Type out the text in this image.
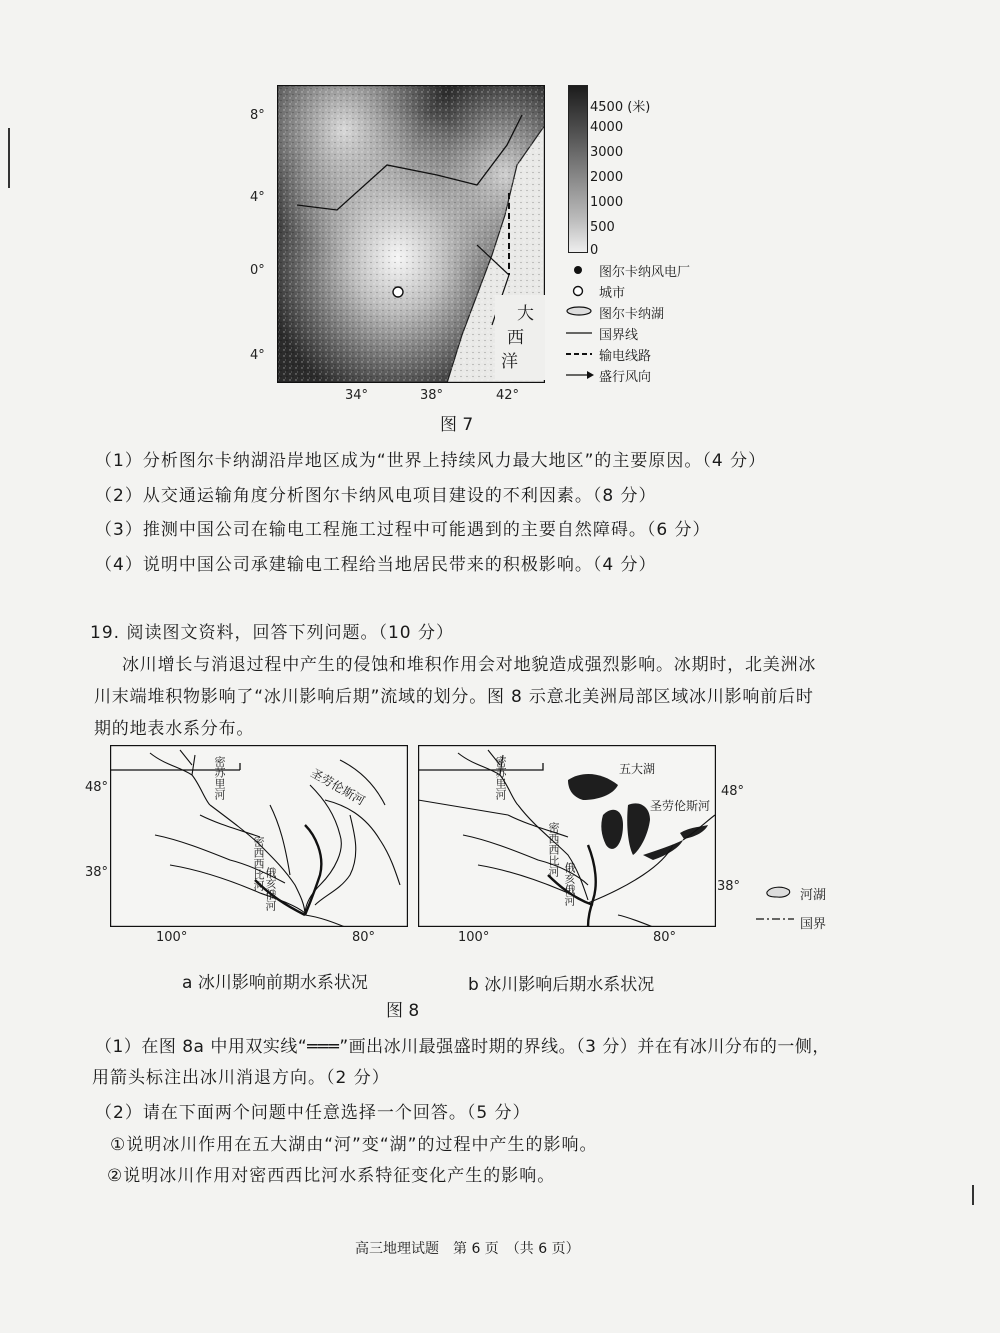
大
西
洋
8°
4°
0°
4°
34°	38°	42°
4500 (米)
4000
3000
2000
1000
500
0
图尔卡纳风电厂
城市
图尔卡纳湖
国界线
输电线路
盛行风向
图 7
（1）分析图尔卡纳湖沿岸地区成为“世界上持续风力最大地区”的主要原因。（4 分）
（2）从交通运输角度分析图尔卡纳风电项目建设的不利因素。（8 分）
（3）推测中国公司在输电工程施工过程中可能遇到的主要自然障碍。（6 分）
（4）说明中国公司承建输电工程给当地居民带来的积极影响。（4 分）
19. 阅读图文资料，回答下列问题。（10 分）
冰川增长与消退过程中产生的侵蚀和堆积作用会对地貌造成强烈影响。冰期时，北美洲冰
川末端堆积物影响了“冰川影响后期”流域的划分。图 8 示意北美洲局部区域冰川影响前后时
期的地表水系分布。
密苏里河	圣劳伦斯河
密西西比河 俄亥俄河
48°
38°
100°	80°
a 冰川影响前期水系状况
密苏里河	五大湖
圣劳伦斯河
密西西比河
俄亥俄河
48°
38°
100°	80°
河湖
国界
b 冰川影响后期水系状况
图 8
（1）在图 8a 中用双实线“═══”画出冰川最强盛时期的界线。（3 分）并在有冰川分布的一侧，
用箭头标注出冰川消退方向。（2 分）
（2）请在下面两个问题中任意选择一个回答。（5 分）
①说明冰川作用在五大湖由“河”变“湖”的过程中产生的影响。
②说明冰川作用对密西西比河水系特征变化产生的影响。
高三地理试题　第 6 页　（共 6 页）
